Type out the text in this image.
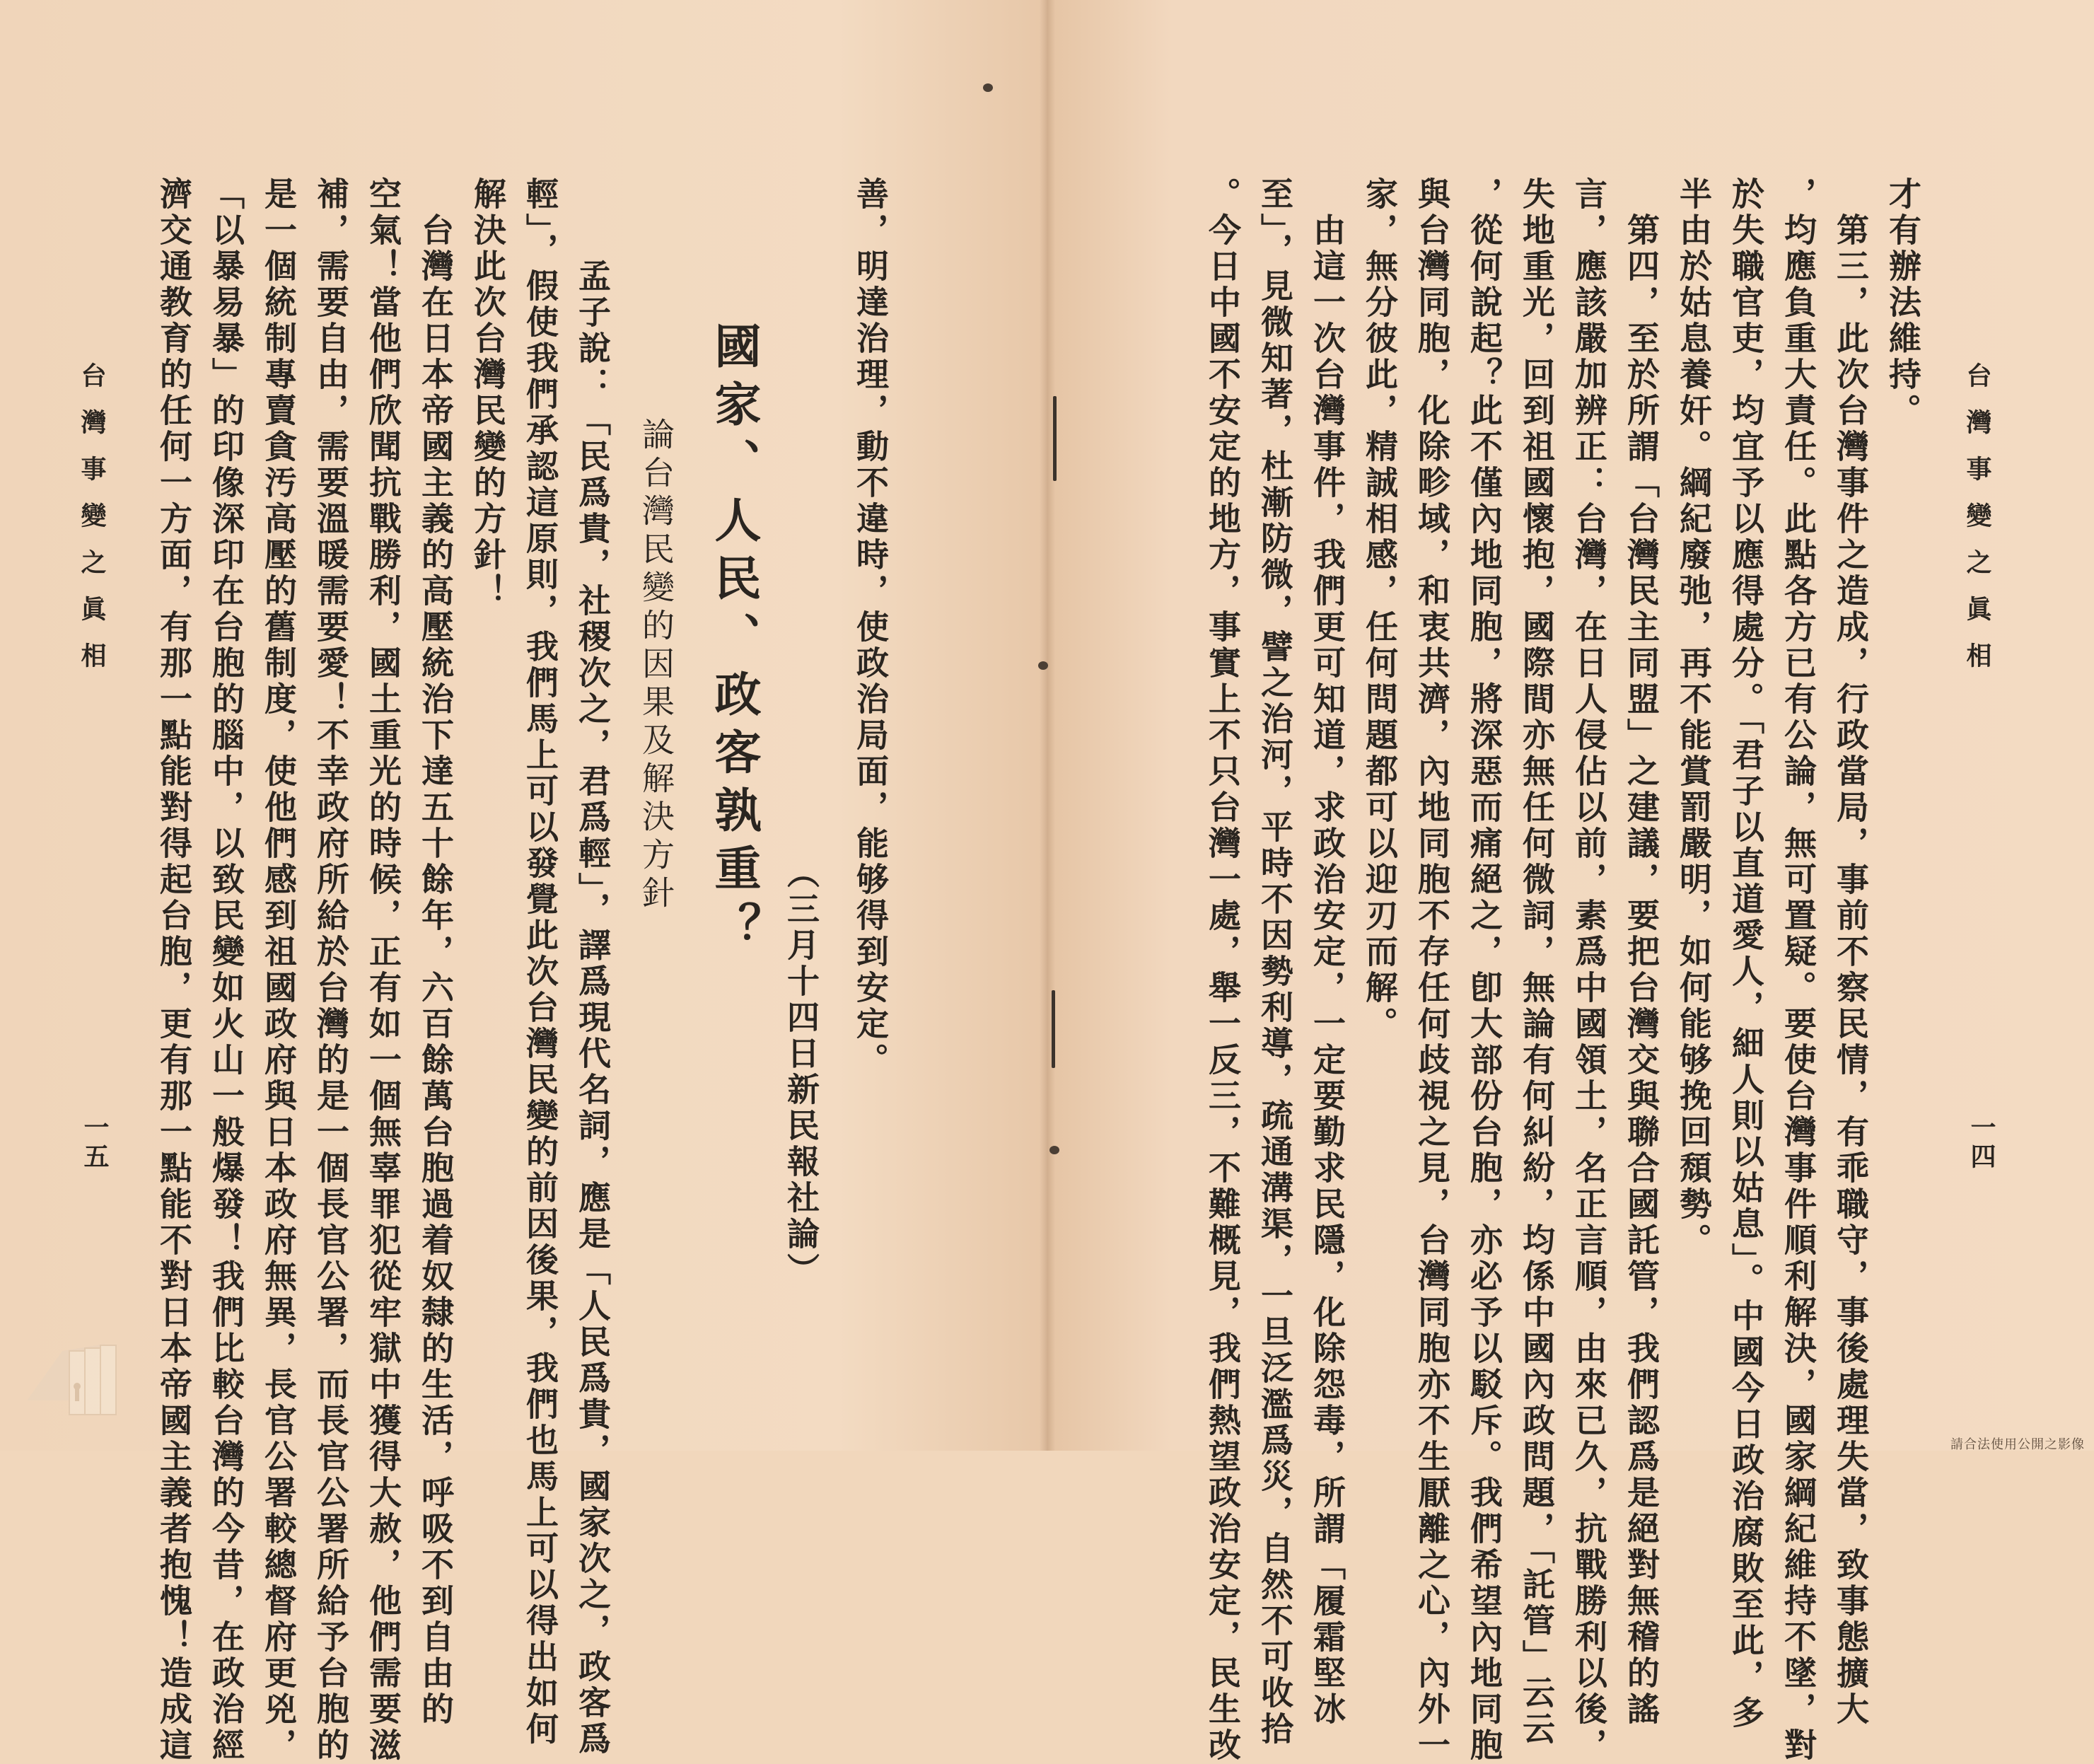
台灣事變之眞相
才有辦法維持。
　第三，此次台灣事件之造成，行政當局，事前不察民情，有乖職守，事後處理失當，致事態擴大
，均應負重大責任。此點各方已有公論，無可置疑。要使台灣事件順利解決，國家綱紀維持不墜，對
於失職官吏，均宜予以應得處分。「君子以直道愛人，細人則以姑息」。中國今日政治腐敗至此，多
半由於姑息養奸。綱紀廢弛，再不能賞罰嚴明，如何能够挽回頹勢。
　第四，至於所謂「台灣民主同盟」之建議，要把台灣交與聯合國託管，我們認爲是絕對無稽的謠
言，應該嚴加辨正：台灣，在日人侵佔以前，素爲中國領土，名正言順，由來已久，抗戰勝利以後，
失地重光，回到祖國懷抱，國際間亦無任何微詞，無論有何糾紛，均係中國內政問題，「託管」云云
，從何說起？此不僅內地同胞，將深惡而痛絕之，卽大部份台胞，亦必予以駁斥。我們希望內地同胞
與台灣同胞，化除畛域，和衷共濟，內地同胞不存任何歧視之見，台灣同胞亦不生厭離之心，內外一
家，無分彼此，精誠相感，任何問題都可以迎刃而解。
　由這一次台灣事件，我們更可知道，求政治安定，一定要勤求民隱，化除怨毒，所謂「履霜堅冰
至」，見微知著，杜漸防微，譬之治河，平時不因勢利導，疏通溝渠，一旦泛濫爲災，自然不可收拾
。今日中國不安定的地方，事實上不只台灣一處，舉一反三，不難概見，我們熱望政治安定，民生改	一四
善，明達治理，動不違時，使政治局面，能够得到安定。
（三月十四日新民報社論）
國家、人民、政客孰重？
論台灣民變的因果及解決方針
　孟子說：「民爲貴，社稷次之，君爲輕」，譯爲現代名詞，應是「人民爲貴，國家次之，政客爲
輕」，假使我們承認這原則，我們馬上可以發覺此次台灣民變的前因後果，我們也馬上可以得出如何
解決此次台灣民變的方針！
　台灣在日本帝國主義的高壓統治下達五十餘年，六百餘萬台胞過着奴隸的生活，呼吸不到自由的
空氣！當他們欣聞抗戰勝利，國土重光的時候，正有如一個無辜罪犯從牢獄中獲得大赦，他們需要滋
補，需要自由，需要溫暖需要愛！不幸政府所給於台灣的是一個長官公署，而長官公署所給予台胞的
是一個統制專賣貪汚高壓的舊制度，使他們感到祖國政府與日本政府無異，長官公署較總督府更兇，
「以暴易暴」的印像深印在台胞的腦中，以致民變如火山一般爆發！我們比較台灣的今昔，在政治經
濟交通教育的任何一方面，有那一點能對得起台胞，更有那一點能不對日本帝國主義者抱愧！造成這
台灣事變之眞相
一五
請合法使用公開之影像
